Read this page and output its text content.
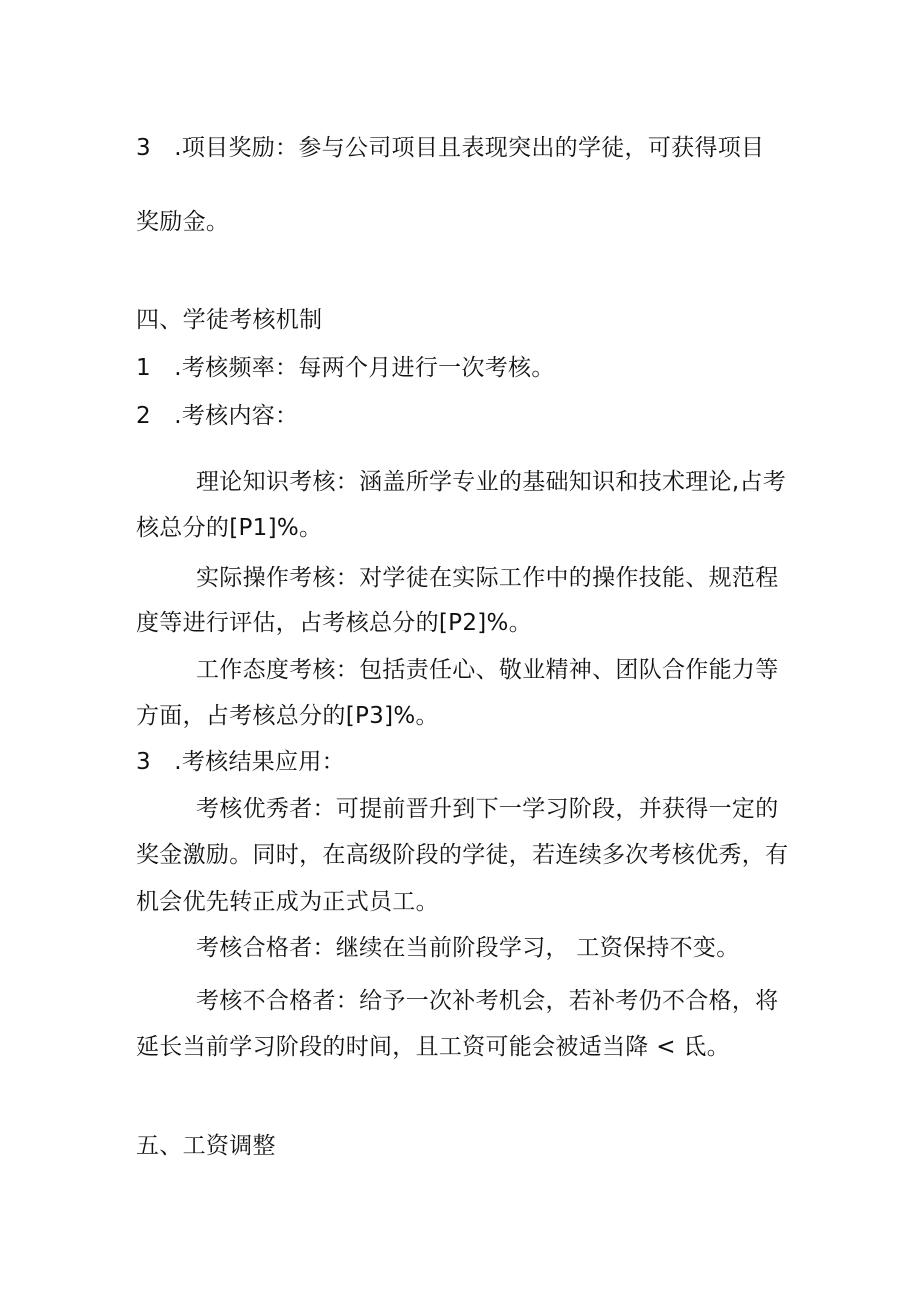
3　.项目奖励：参与公司项目且表现突出的学徒，可获得项目
奖励金。
四、学徒考核机制
1　.考核频率：每两个月进行一次考核。
2　.考核内容：
理论知识考核：涵盖所学专业的基础知识和技术理论,占考
核总分的[P1]%。
实际操作考核：对学徒在实际工作中的操作技能、规范程
度等进行评估，占考核总分的[P2]%。
工作态度考核：包括责任心、敬业精神、团队合作能力等
方面，占考核总分的[P3]%。
3　.考核结果应用：
考核优秀者：可提前晋升到下一学习阶段，并获得一定的
奖金激励。同时，在高级阶段的学徒，若连续多次考核优秀，有
机会优先转正成为正式员工。
考核合格者：继续在当前阶段学习， 工资保持不变。
考核不合格者：给予一次补考机会，若补考仍不合格，将
延长当前学习阶段的时间，且工资可能会被适当降 < 氐。
五、工资调整
